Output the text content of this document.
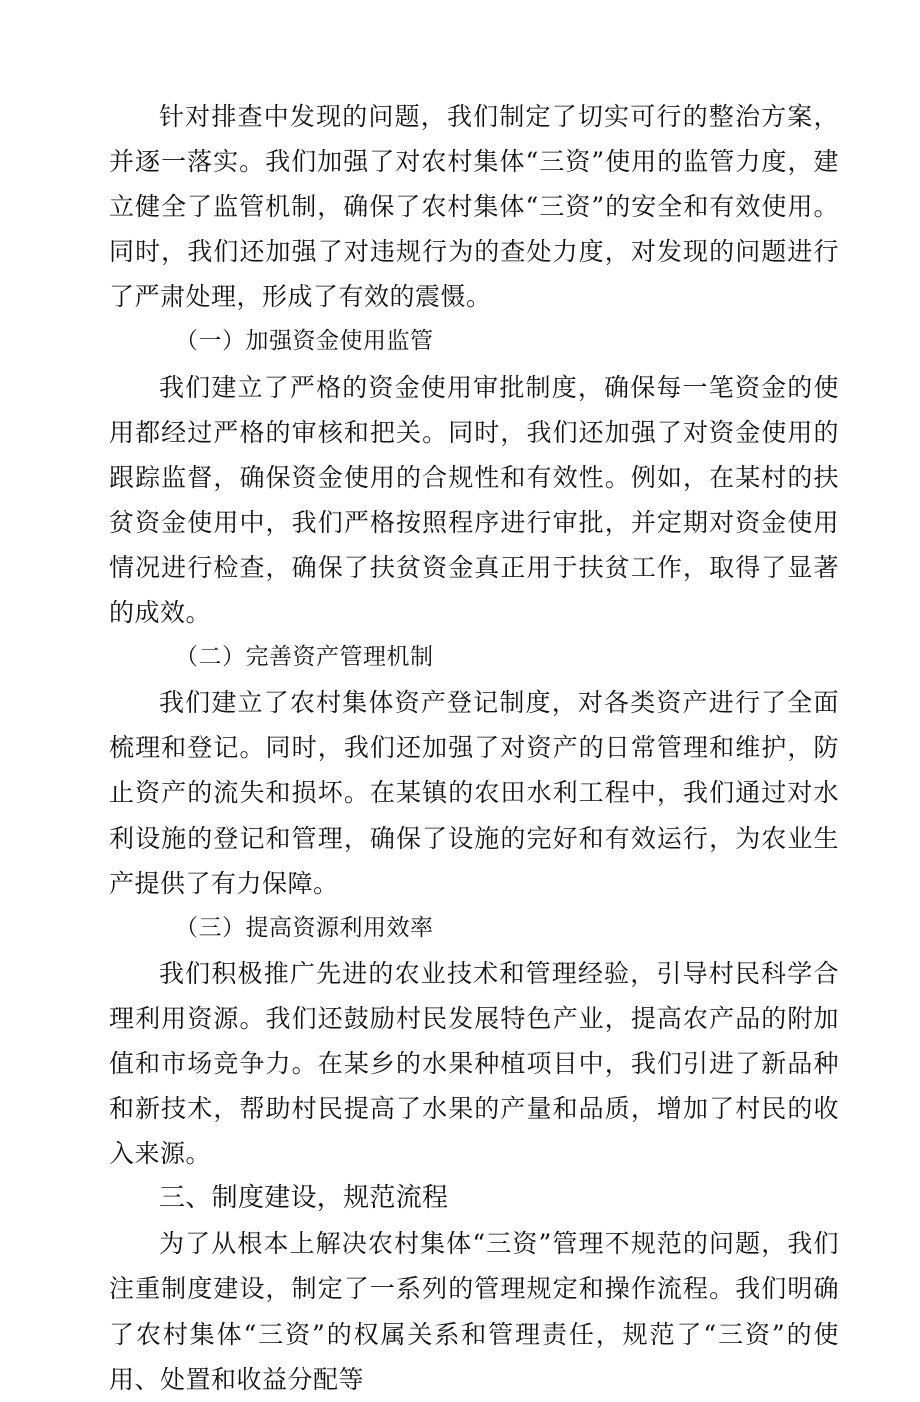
针对排查中发现的问题，我们制定了切实可行的整治方案，并逐一落实。我们加强了对农村集体“三资”使用的监管力度，建立健全了监管机制，确保了农村集体“三资”的安全和有效使用。同时，我们还加强了对违规行为的查处力度，对发现的问题进行了严肃处理，形成了有效的震慑。

（一）加强资金使用监管

我们建立了严格的资金使用审批制度，确保每一笔资金的使用都经过严格的审核和把关。同时，我们还加强了对资金使用的跟踪监督，确保资金使用的合规性和有效性。例如，在某村的扶贫资金使用中，我们严格按照程序进行审批，并定期对资金使用情况进行检查，确保了扶贫资金真正用于扶贫工作，取得了显著的成效。

（二）完善资产管理机制

我们建立了农村集体资产登记制度，对各类资产进行了全面梳理和登记。同时，我们还加强了对资产的日常管理和维护，防止资产的流失和损坏。在某镇的农田水利工程中，我们通过对水利设施的登记和管理，确保了设施的完好和有效运行，为农业生产提供了有力保障。

（三）提高资源利用效率

我们积极推广先进的农业技术和管理经验，引导村民科学合理利用资源。我们还鼓励村民发展特色产业，提高农产品的附加值和市场竞争力。在某乡的水果种植项目中，我们引进了新品种和新技术，帮助村民提高了水果的产量和品质，增加了村民的收入来源。

三、制度建设，规范流程

为了从根本上解决农村集体“三资”管理不规范的问题，我们注重制度建设，制定了一系列的管理规定和操作流程。我们明确了农村集体“三资”的权属关系和管理责任，规范了“三资”的使用、处置和收益分配等
